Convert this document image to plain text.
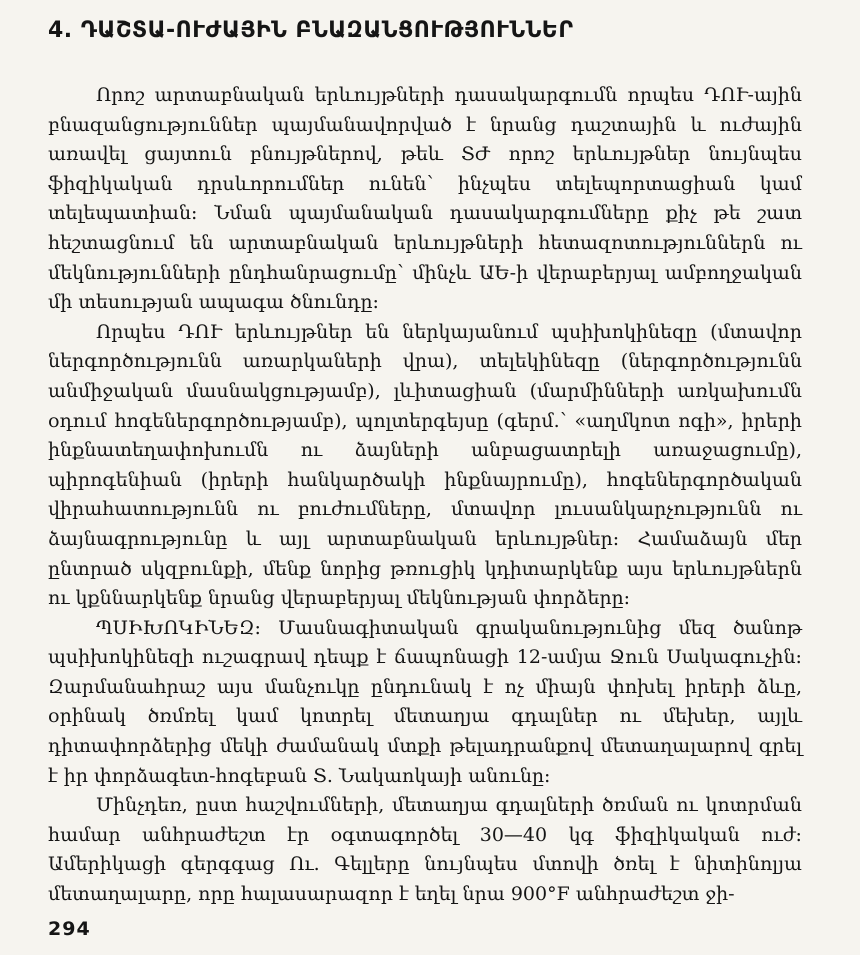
4. ԴԱՇՏԱ-ՈՒԺԱՅԻՆ ԲՆԱԶԱՆՑՈՒԹՅՈՒՆՆԵՐ

Որոշ արտաբնական երևույթների դասակարգումն որպես ԴՈՒ-ային բնազանցություններ պայմանավորված է նրանց դաշտային և ուժային առավել ցայտուն բնույթներով, թեև ՏԺ որոշ երևույթներ նույնպես ֆիզիկական դրսևորումներ ունեն՝ ինչպես տելեպորտացիան կամ տելեպատիան։ Նման պայմանական դասակարգումները քիչ թե շատ հեշտացնում են արտաբնական երևույթների հետազոտություններն ու մեկնությունների ընդհանրացումը՝ մինչև ԱԵ-ի վերաբերյալ ամբողջական մի տեսության ապագա ծնունդը։

Որպես ԴՈՒ երևույթներ են ներկայանում պսիխոկինեզը (մտավոր ներգործությունն առարկաների վրա), տելեկինեզը (ներգործությունն անմիջական մասնակցությամբ), լևիտացիան (մարմինների առկախումն օդում հոգեներգործությամբ), պոլտերգեյսը (գերմ.՝ «աղմկոտ ոգի», իրերի ինքնատեղափոխումն ու ձայների անբացատրելի առաջացումը), պիրոգենիան (իրերի հանկարծակի ինքնայրումը), հոգեներգործական վիրահատությունն ու բուժումները, մտավոր լուսանկարչությունն ու ձայնագրությունը և այլ արտաբնական երևույթներ։ Համաձայն մեր ընտրած սկզբունքի, մենք նորից թռուցիկ կդիտարկենք այս երևույթներն ու կքննարկենք նրանց վերաբերյալ մեկնության փորձերը։

ՊՍԻԽՈԿԻՆԵԶ։ Մասնագիտական գրականությունից մեզ ծանոթ պսիխոկինեզի ուշագրավ դեպք է ճապոնացի 12-ամյա Ջուն Սակագուչին։ Զարմանահրաշ այս մանչուկը ընդունակ է ոչ միայն փոխել իրերի ձևը, օրինակ ծռմռել կամ կոտրել մետաղյա գդալներ ու մեխեր, այլև դիտափորձերից մեկի ժամանակ մտքի թելադրանքով մետաղալարով գրել է իր փորձագետ-հոգեբան Տ. Նակաոկայի անունը։

Մինչդեռ, ըստ հաշվումների, մետաղյա գդալների ծռման ու կոտրման համար անհրաժեշտ էր օգտագործել 30—40 կգ ֆիզիկական ուժ։ Ամերիկացի գերգգաց Ու. Գելլերը նույնպես մտովի ծռել է նիտինոլյա մետաղալարը, որը հալասարազոր է եղել նրա 900°F անհրաժեշտ ջի-

294
